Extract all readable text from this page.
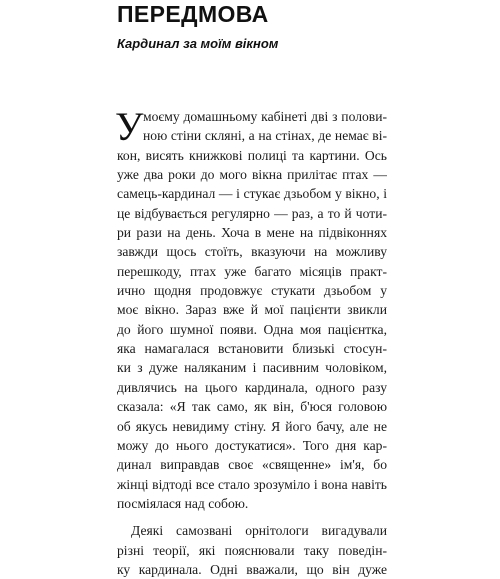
ПЕРЕДМОВА
Кардинал за моїм вікном
У моєму домашньому кабінеті дві з полови-
ною стіни скляні, а на стінах, де немає ві-
кон, висять книжкові полиці та картини. Ось
уже два роки до мого вікна прилітає птах —
самець-кардинал — і стукає дзьобом у вікно, і
це відбувається регулярно — раз, а то й чоти-
ри рази на день. Хоча в мене на підвіконнях
завжди щось стоїть, вказуючи на можливу
перешкоду, птах уже багато місяців практ-
ично щодня продовжує стукати дзьобом у
моє вікно. Зараз вже й мої пацієнти звикли
до його шумної появи. Одна моя пацієнтка,
яка намагалася встановити близькі стосун-
ки з дуже наляканим і пасивним чоловіком,
дивлячись на цього кардинала, одного разу
сказала: «Я так само, як він, б'юся головою
об якусь невидиму стіну. Я його бачу, але не
можу до нього достукатися». Того дня кар-
динал виправдав своє «священне» ім'я, бо
жінці відтоді все стало зрозуміло і вона навіть
посміялася над собою.
Деякі самозвані орнітологи вигадували
різні теорії, які пояснювали таку поведін-
ку кардинала. Одні вважали, що він дуже
